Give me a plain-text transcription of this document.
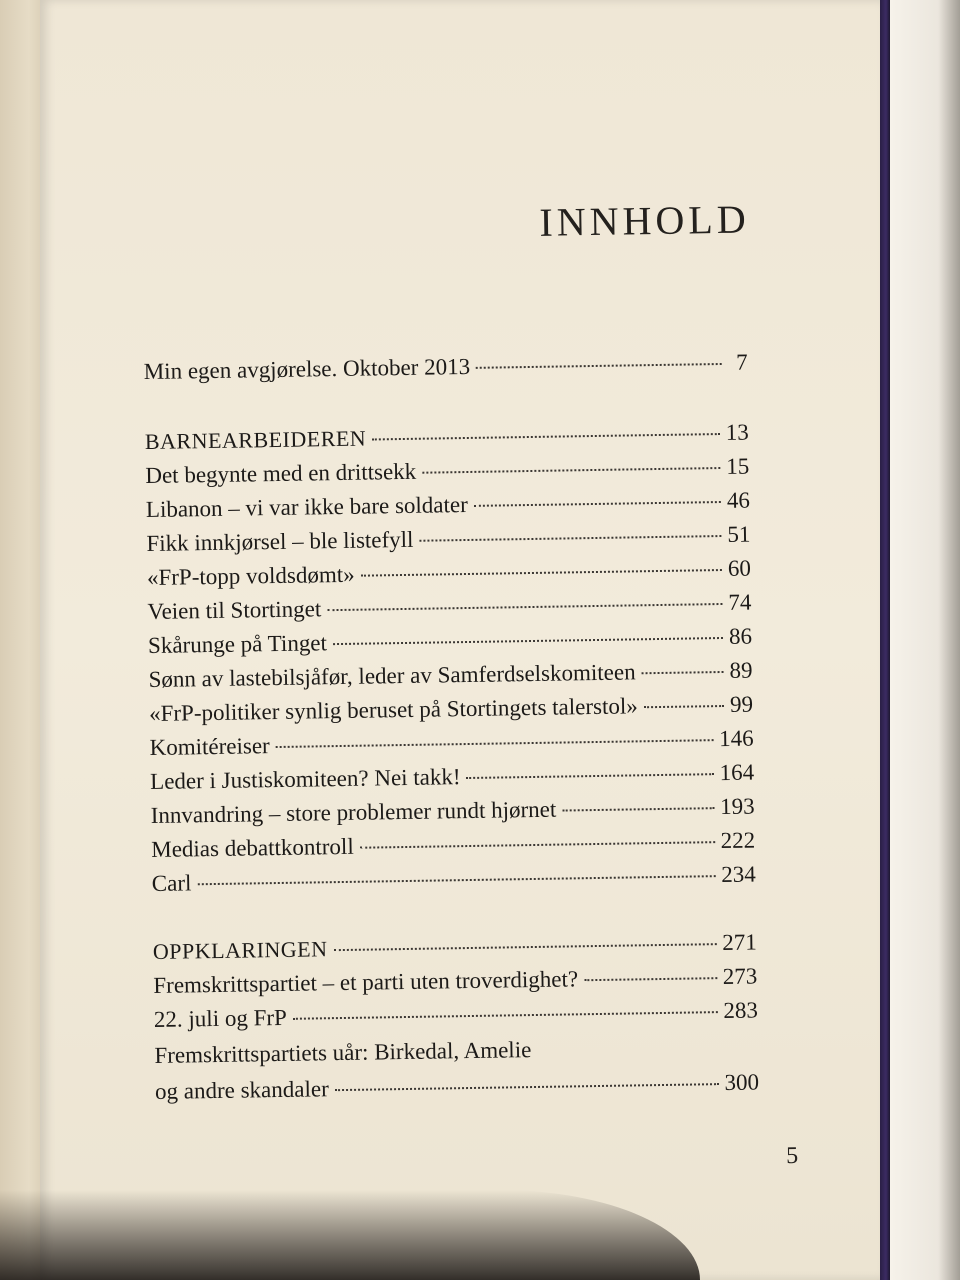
INNHOLD
Min egen avgjørelse. Oktober 2013	7
BARNEARBEIDEREN	13
Det begynte med en drittsekk	15
Libanon – vi var ikke bare soldater	46
Fikk innkjørsel – ble listefyll	51
«FrP-topp voldsdømt»	60
Veien til Stortinget	74
Skårunge på Tinget	86
Sønn av lastebilsjåfør, leder av Samferdselskomiteen	89
«FrP-politiker synlig beruset på Stortingets talerstol»	99
Komitéreiser	146
Leder i Justiskomiteen? Nei takk!	164
Innvandring – store problemer rundt hjørnet	193
Medias debattkontroll	222
Carl	234
OPPKLARINGEN	271
Fremskrittspartiet – et parti uten troverdighet?	273
22. juli og FrP	283
Fremskrittspartiets uår: Birkedal, Amelie
og andre skandaler	300
5
